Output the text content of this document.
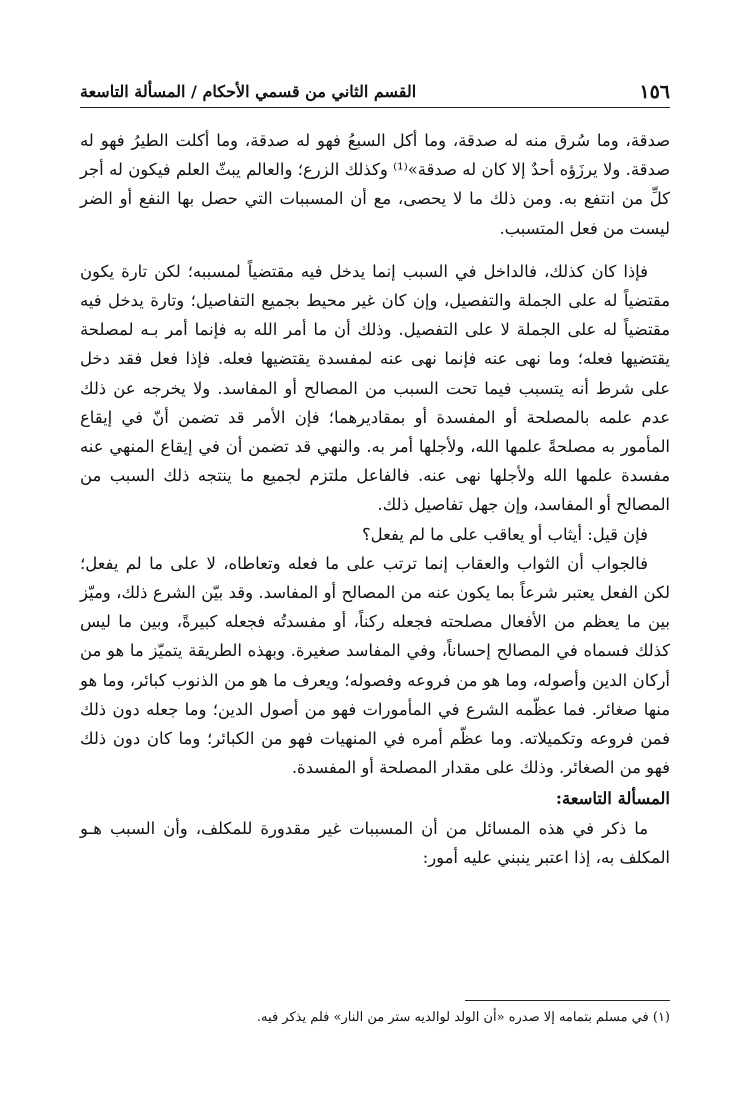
١٥٦
القسم الثاني من قسمي الأحكام / المسألة التاسعة

صدقة، وما سُرق منه له صدقة، وما أكل السبعُ فهو له صدقة، وما أكلت الطيرُ فهو له صدقة. ولا يرزَؤه أحدٌ إلا كان له صدقة»⁽¹⁾ وكذلك الزرع؛ والعالم يبثّ العلم فيكون له أجر كلِّ من انتفع به. ومن ذلك ما لا يحصى، مع أن المسببات التي حصل بها النفع أو الضر ليست من فعل المتسبب.

فإذا كان كذلك، فالداخل في السبب إنما يدخل فيه مقتضياً لمسببه؛ لكن تارة يكون مقتضياً له على الجملة والتفصيل، وإن كان غير محيط بجميع التفاصيل؛ وتارة يدخل فيه مقتضياً له على الجملة لا على التفصيل. وذلك أن ما أمر الله به فإنما أمر بـه لمصلحة يقتضيها فعله؛ وما نهى عنه فإنما نهى عنه لمفسدة يقتضيها فعله. فإذا فعل فقد دخل على شرط أنه يتسبب فيما تحت السبب من المصالح أو المفاسد. ولا يخرجه عن ذلك عدم علمه بالمصلحة أو المفسدة أو بمقاديرهما؛ فإن الأمر قد تضمن أنّ في إيقاع المأمور به مصلحةً علمها الله، ولأجلها أمر به. والنهي قد تضمن أن في إيقاع المنهي عنه مفسدة علمها الله ولأجلها نهى عنه. فالفاعل ملتزم لجميع ما ينتجه ذلك السبب من المصالح أو المفاسد، وإن جهل تفاصيل ذلك.

فإن قيل: أيثاب أو يعاقب على ما لم يفعل؟

فالجواب أن الثواب والعقاب إنما ترتب على ما فعله وتعاطاه، لا على ما لم يفعل؛ لكن الفعل يعتبر شرعاً بما يكون عنه من المصالح أو المفاسد. وقد بيّن الشرع ذلك، وميّز بين ما يعظم من الأفعال مصلحته فجعله ركناً، أو مفسدتُه فجعله كبيرةً، وبين ما ليس كذلك فسماه في المصالح إحساناً، وفي المفاسد صغيرة. وبهذه الطريقة يتميّز ما هو من أركان الدين وأصوله، وما هو من فروعه وفصوله؛ ويعرف ما هو من الذنوب كبائر، وما هو منها صغائر. فما عظّمه الشرع في المأمورات فهو من أصول الدين؛ وما جعله دون ذلك فمن فروعه وتكميلاته. وما عظّم أمره في المنهيات فهو من الكبائر؛ وما كان دون ذلك فهو من الصغائر. وذلك على مقدار المصلحة أو المفسدة.

المسألة التاسعة:

ما ذكر في هذه المسائل من أن المسببات غير مقدورة للمكلف، وأن السبب هـو المكلف به، إذا اعتبر ينبني عليه أمور:

(١) في مسلم بتمامه إلا صدره «أن الولد لوالديه ستر من النار» فلم يذكر فيه.
